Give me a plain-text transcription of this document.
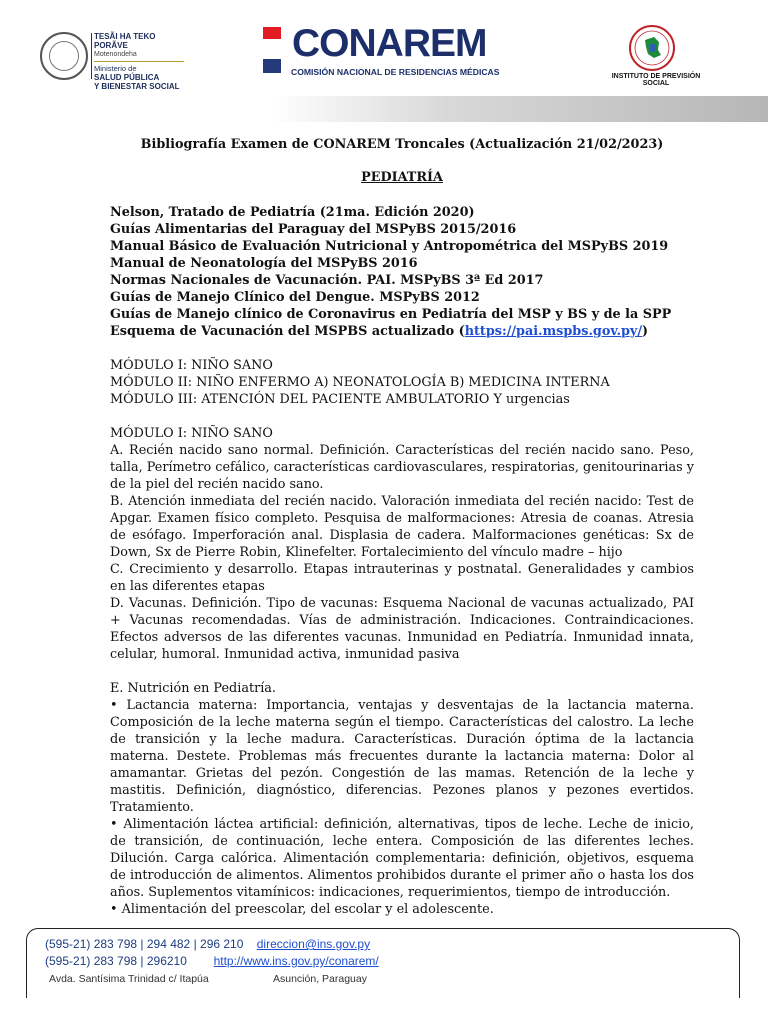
TESÃI HA TEKO
PORÃVE
Motenondeha
Ministerio de
SALUD PÚBLICA
Y BIENESTAR SOCIAL
CONAREM
COMISIÓN NACIONAL DE RESIDENCIAS MÉDICAS	INSTITUTO DE PREVISIÓN SOCIAL

Bibliografía Examen de CONAREM Troncales (Actualización 21/02/2023)

PEDIATRÍA

Nelson, Tratado de Pediatría (21ma. Edición 2020)

Guías Alimentarias del Paraguay del MSPyBS 2015/2016

Manual Básico de Evaluación Nutricional y Antropométrica del MSPyBS 2019

Manual de Neonatología del MSPyBS 2016

Normas Nacionales de Vacunación. PAI. MSPyBS 3ª Ed 2017

Guías de Manejo Clínico del Dengue. MSPyBS 2012

Guías de Manejo clínico de Coronavirus en Pediatría del MSP y BS y de la SPP

Esquema de Vacunación del MSPBS actualizado (https://pai.mspbs.gov.py/)

MÓDULO I: NIÑO SANO

MÓDULO II: NIÑO ENFERMO A) NEONATOLOGÍA B) MEDICINA INTERNA

MÓDULO III: ATENCIÓN DEL PACIENTE AMBULATORIO Y urgencias

MÓDULO I: NIÑO SANO

A. Recién nacido sano normal. Definición. Características del recién nacido sano. Peso, talla, Perímetro cefálico, características cardiovasculares, respiratorias, genitourinarias y de la piel del recién nacido sano.

B. Atención inmediata del recién nacido. Valoración inmediata del recién nacido: Test de Apgar. Examen físico completo. Pesquisa de malformaciones: Atresia de coanas. Atresia de esófago. Imperforación anal. Displasia de cadera. Malformaciones genéticas: Sx de Down, Sx de Pierre Robin, Klinefelter. Fortalecimiento del vínculo madre – hijo

C. Crecimiento y desarrollo. Etapas intrauterinas y postnatal. Generalidades y cambios en las diferentes etapas

D. Vacunas. Definición. Tipo de vacunas: Esquema Nacional de vacunas actualizado, PAI + Vacunas recomendadas. Vías de administración. Indicaciones. Contraindicaciones. Efectos adversos de las diferentes vacunas. Inmunidad en Pediatría. Inmunidad innata, celular, humoral. Inmunidad activa, inmunidad pasiva

E. Nutrición en Pediatría.

• Lactancia materna: Importancia, ventajas y desventajas de la lactancia materna. Composición de la leche materna según el tiempo. Características del calostro. La leche de transición y la leche madura. Características. Duración óptima de la lactancia materna. Destete. Problemas más frecuentes durante la lactancia materna: Dolor al amamantar. Grietas del pezón. Congestión de las mamas. Retención de la leche y mastitis. Definición, diagnóstico, diferencias. Pezones planos y pezones evertidos. Tratamiento.

• Alimentación láctea artificial: definición, alternativas, tipos de leche. Leche de inicio, de transición, de continuación, leche entera. Composición de las diferentes leches. Dilución. Carga calórica. Alimentación complementaria: definición, objetivos, esquema de introducción de alimentos. Alimentos prohibidos durante el primer año o hasta los dos años. Suplementos vitamínicos: indicaciones, requerimientos, tiempo de introducción.

• Alimentación del preescolar, del escolar y el adolescente.

(595-21) 283 798 | 294 482 | 296 210 direccion@ins.gov.py
(595-21) 283 798 | 296210 http://www.ins.gov.py/conarem/
Avda. Santísima Trinidad c/ Itapúa	Asunción, Paraguay
